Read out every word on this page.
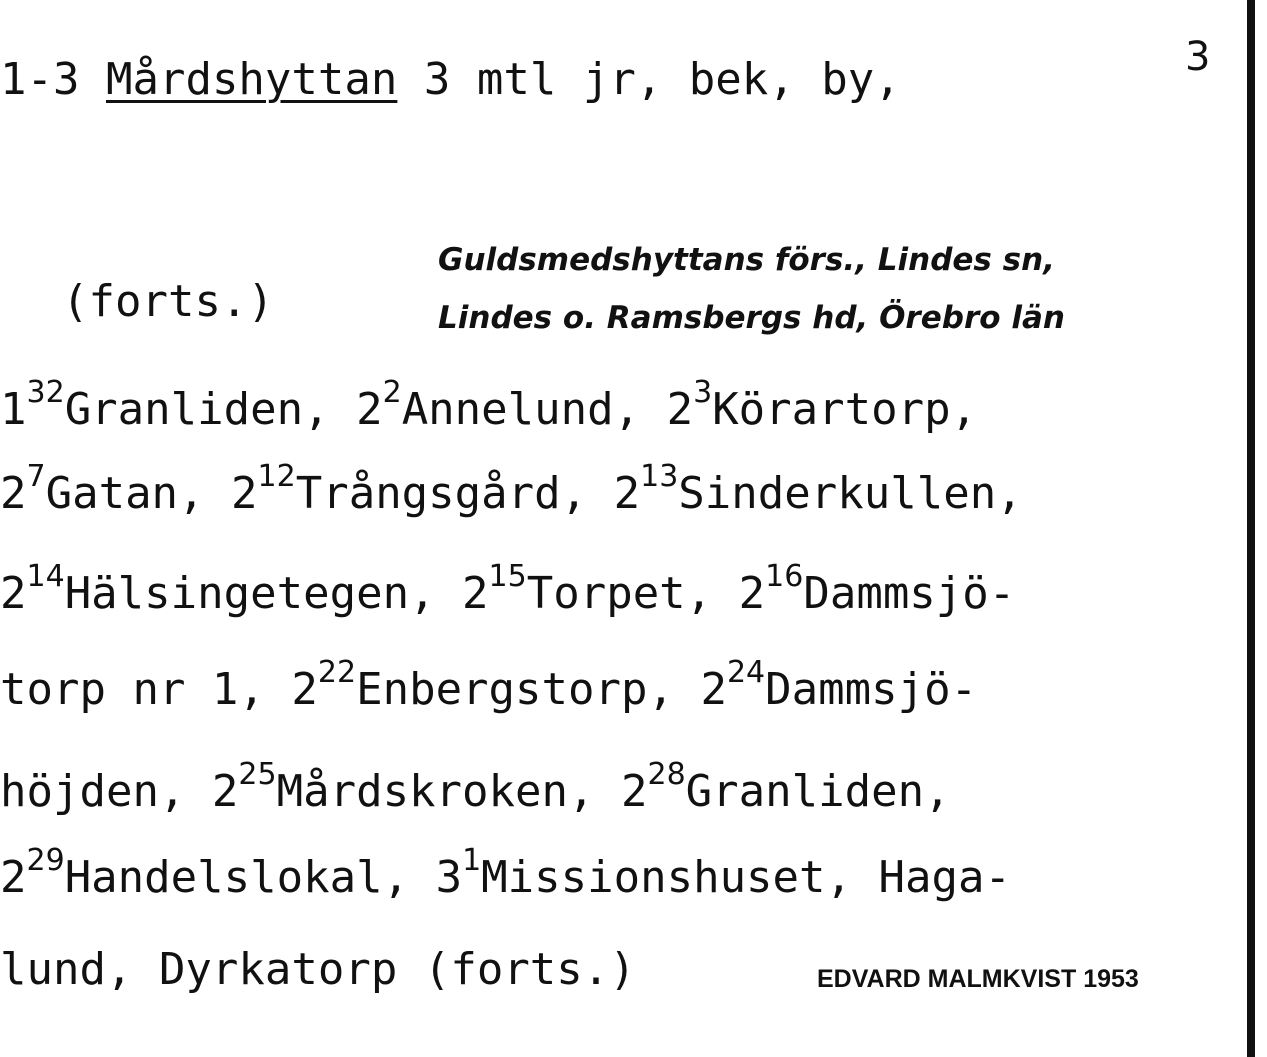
1-3 Mårdshyttan 3 mtl jr, bek, by,	3
(forts.)
Guldsmedshyttans förs., Lindes sn,
Lindes o. Ramsbergs hd, Örebro län
$1^{32}Granliden$, $2^2Annelund$, $2^3Körartorp$,
$2^7Gatan$, $2^{12}Trångsgård$, $2^{13}Sinderkullen$,
$2^{14}Hälsingetegen$, $2^{15}Torpet$, $2^{16}Dammsjö-$
torp nr 1, $2^{22}Enbergstorp$, $2^{24}Dammsjö-$
höjden, $2^{25}Mårdskroken$, $2^{28}Granliden$,
$2^{29}Handelslokal$, $3^1Missionshuset$, Haga-
lund, Dyrkatorp (forts.)	EDVARD MALMKVIST 1953
